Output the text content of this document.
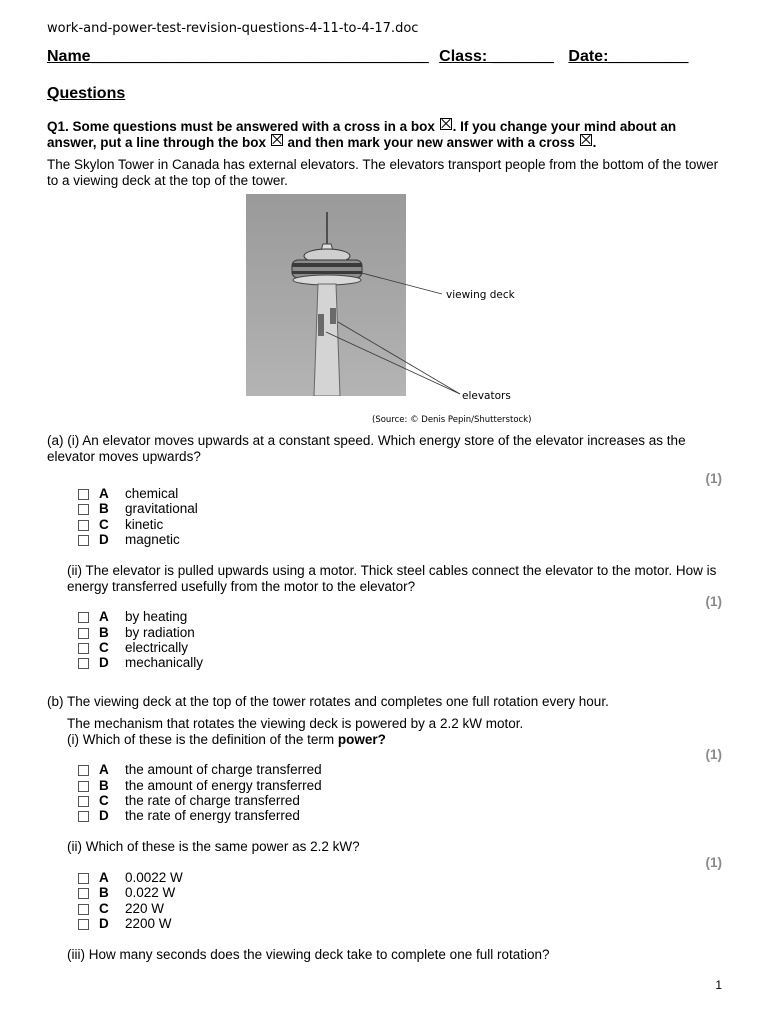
work-and-power-test-revision-questions-4-11-to-4-17.doc
Name______________________________________ Class: _______ Date:_________
Questions
Q1. Some questions must be answered with a cross in a box ☒. If you change your mind about an answer, put a line through the box ☒ and then mark your new answer with a cross ☒.
The Skylon Tower in Canada has external elevators. The elevators transport people from the bottom of the tower to a viewing deck at the top of the tower.
viewing deck
elevators
(Source: © Denis Pepin/Shutterstock)
(a) (i) An elevator moves upwards at a constant speed. Which energy store of the elevator increases as the elevator moves upwards?
(1)
A chemical
B gravitational
C kinetic
D magnetic
(ii) The elevator is pulled upwards using a motor. Thick steel cables connect the elevator to the motor. How is energy transferred usefully from the motor to the elevator?
(1)
A by heating
B by radiation
C electrically
D mechanically
(b) The viewing deck at the top of the tower rotates and completes one full rotation every hour.
The mechanism that rotates the viewing deck is powered by a 2.2 kW motor.
(i) Which of these is the definition of the term power?
(1)
A the amount of charge transferred
B the amount of energy transferred
C the rate of charge transferred
D the rate of energy transferred
(ii) Which of these is the same power as 2.2 kW?
(1)
A 0.0022 W
B 0.022 W
C 220 W
D 2200 W
(iii) How many seconds does the viewing deck take to complete one full rotation?
1
